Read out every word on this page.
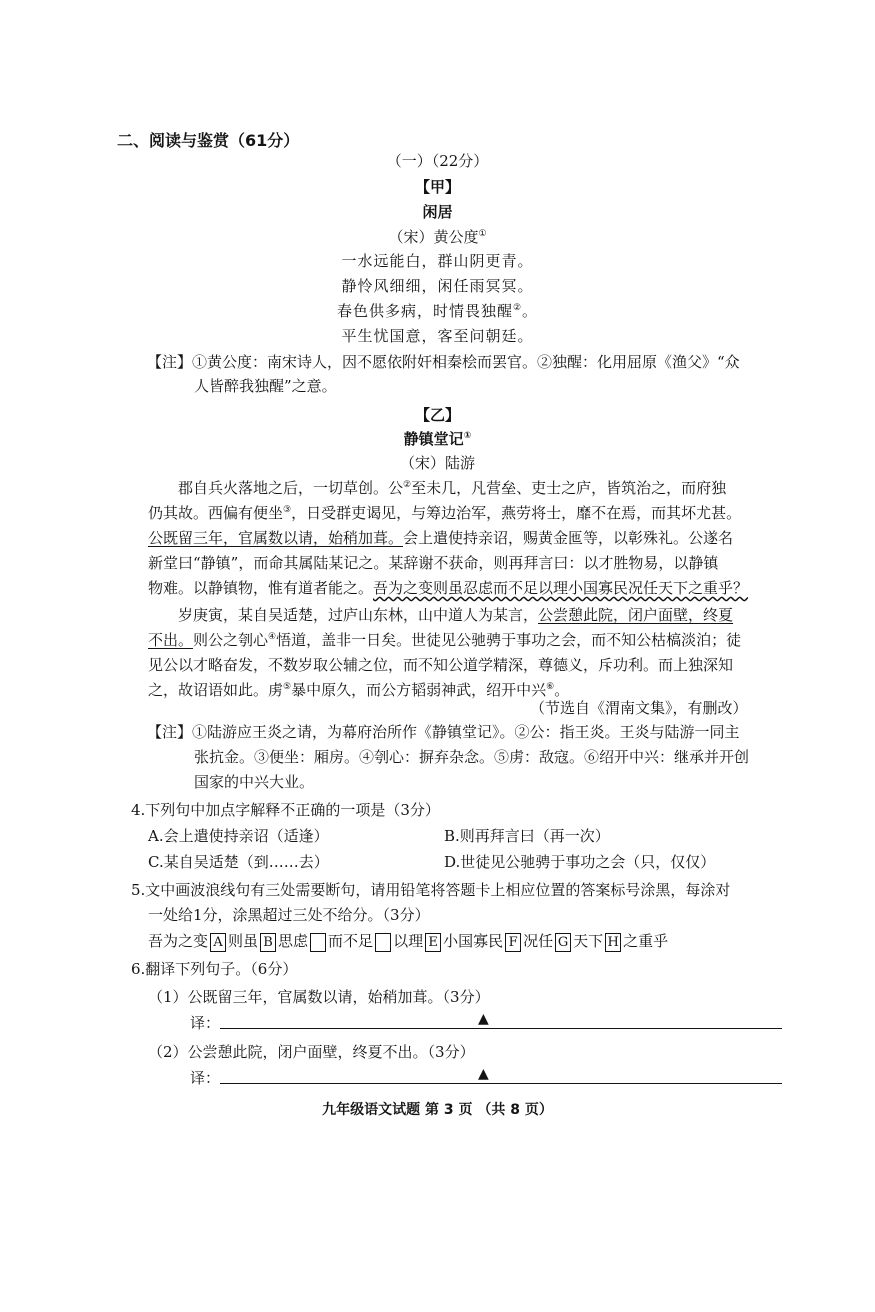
二、阅读与鉴赏（61分）
（一）（22分）
【甲】
闲居
（宋）黄公度①
一水远能白，群山阴更青。
静怜风细细，闲任雨冥冥。
春色供多病，时情畏独醒②。
平生忧国意，客至问朝廷。
【注】①黄公度：南宋诗人，因不愿依附奸相秦桧而罢官。②独醒：化用屈原《渔父》“众
人皆醉我独醒”之意。
【乙】
静镇堂记①
（宋）陆游
郡自兵火落地之后，一切草创。公②至未几，凡营垒、吏士之庐，皆筑治之，而府独
仍其故。西偏有便坐③，日受群吏谒见，与筹边治军，燕劳将士，靡不在焉，而其坏尤甚。
公既留三年，官属数以请，始稍加葺。会上遣使持亲诏，赐黄金匜等，以彰殊礼。公遂名
新堂曰“静镇”，而命其属陆某记之。某辞谢不获命，则再拜言曰：以才胜物易，以静镇
物难。以静镇物，惟有道者能之。吾为之变则虽忍虑而不足以理小国寡民况任天下之重乎？
岁庚寅，某自吴适楚，过庐山东林，山中道人为某言，公尝憩此院，闭户面壁，终夏
不出。则公之刳心④悟道，盖非一日矣。世徒见公驰骋于事功之会，而不知公枯槁淡泊；徒
见公以才略奋发，不数岁取公辅之位，而不知公道学精深，尊德义，斥功利。而上独深知
之，故诏语如此。虏⑤暴中原久，而公方韬弱神武，绍开中兴⑥。
（节选自《渭南文集》，有删改）
【注】①陆游应王炎之请，为幕府治所作《静镇堂记》。②公：指王炎。王炎与陆游一同主
张抗金。③便坐：厢房。④刳心：摒弃杂念。⑤虏：敌寇。⑥绍开中兴：继承并开创
国家的中兴大业。
4.下列句中加点字解释不正确的一项是（3分）
A.会上遣使持亲诏（适逢）	B.则再拜言曰（再一次）
C.某自吴适楚（到……去）	D.世徒见公驰骋于事功之会（只，仅仅）
5.文中画波浪线句有三处需要断句，请用铅笔将答题卡上相应位置的答案标号涂黑，每涂对
一处给1分，涂黑超过三处不给分。（3分）
吾为之变 A 则虽 B 思虑 而不足 以理 E 小国寡民 F 况任 G 天下 H 之重乎
6.翻译下列句子。（6分）
（1）公既留三年，官属数以请，始稍加葺。（3分）
译：	▲
（2）公尝憩此院，闭户面壁，终夏不出。（3分）
译：	▲
九年级语文试题 第 3 页 （共 8 页）
